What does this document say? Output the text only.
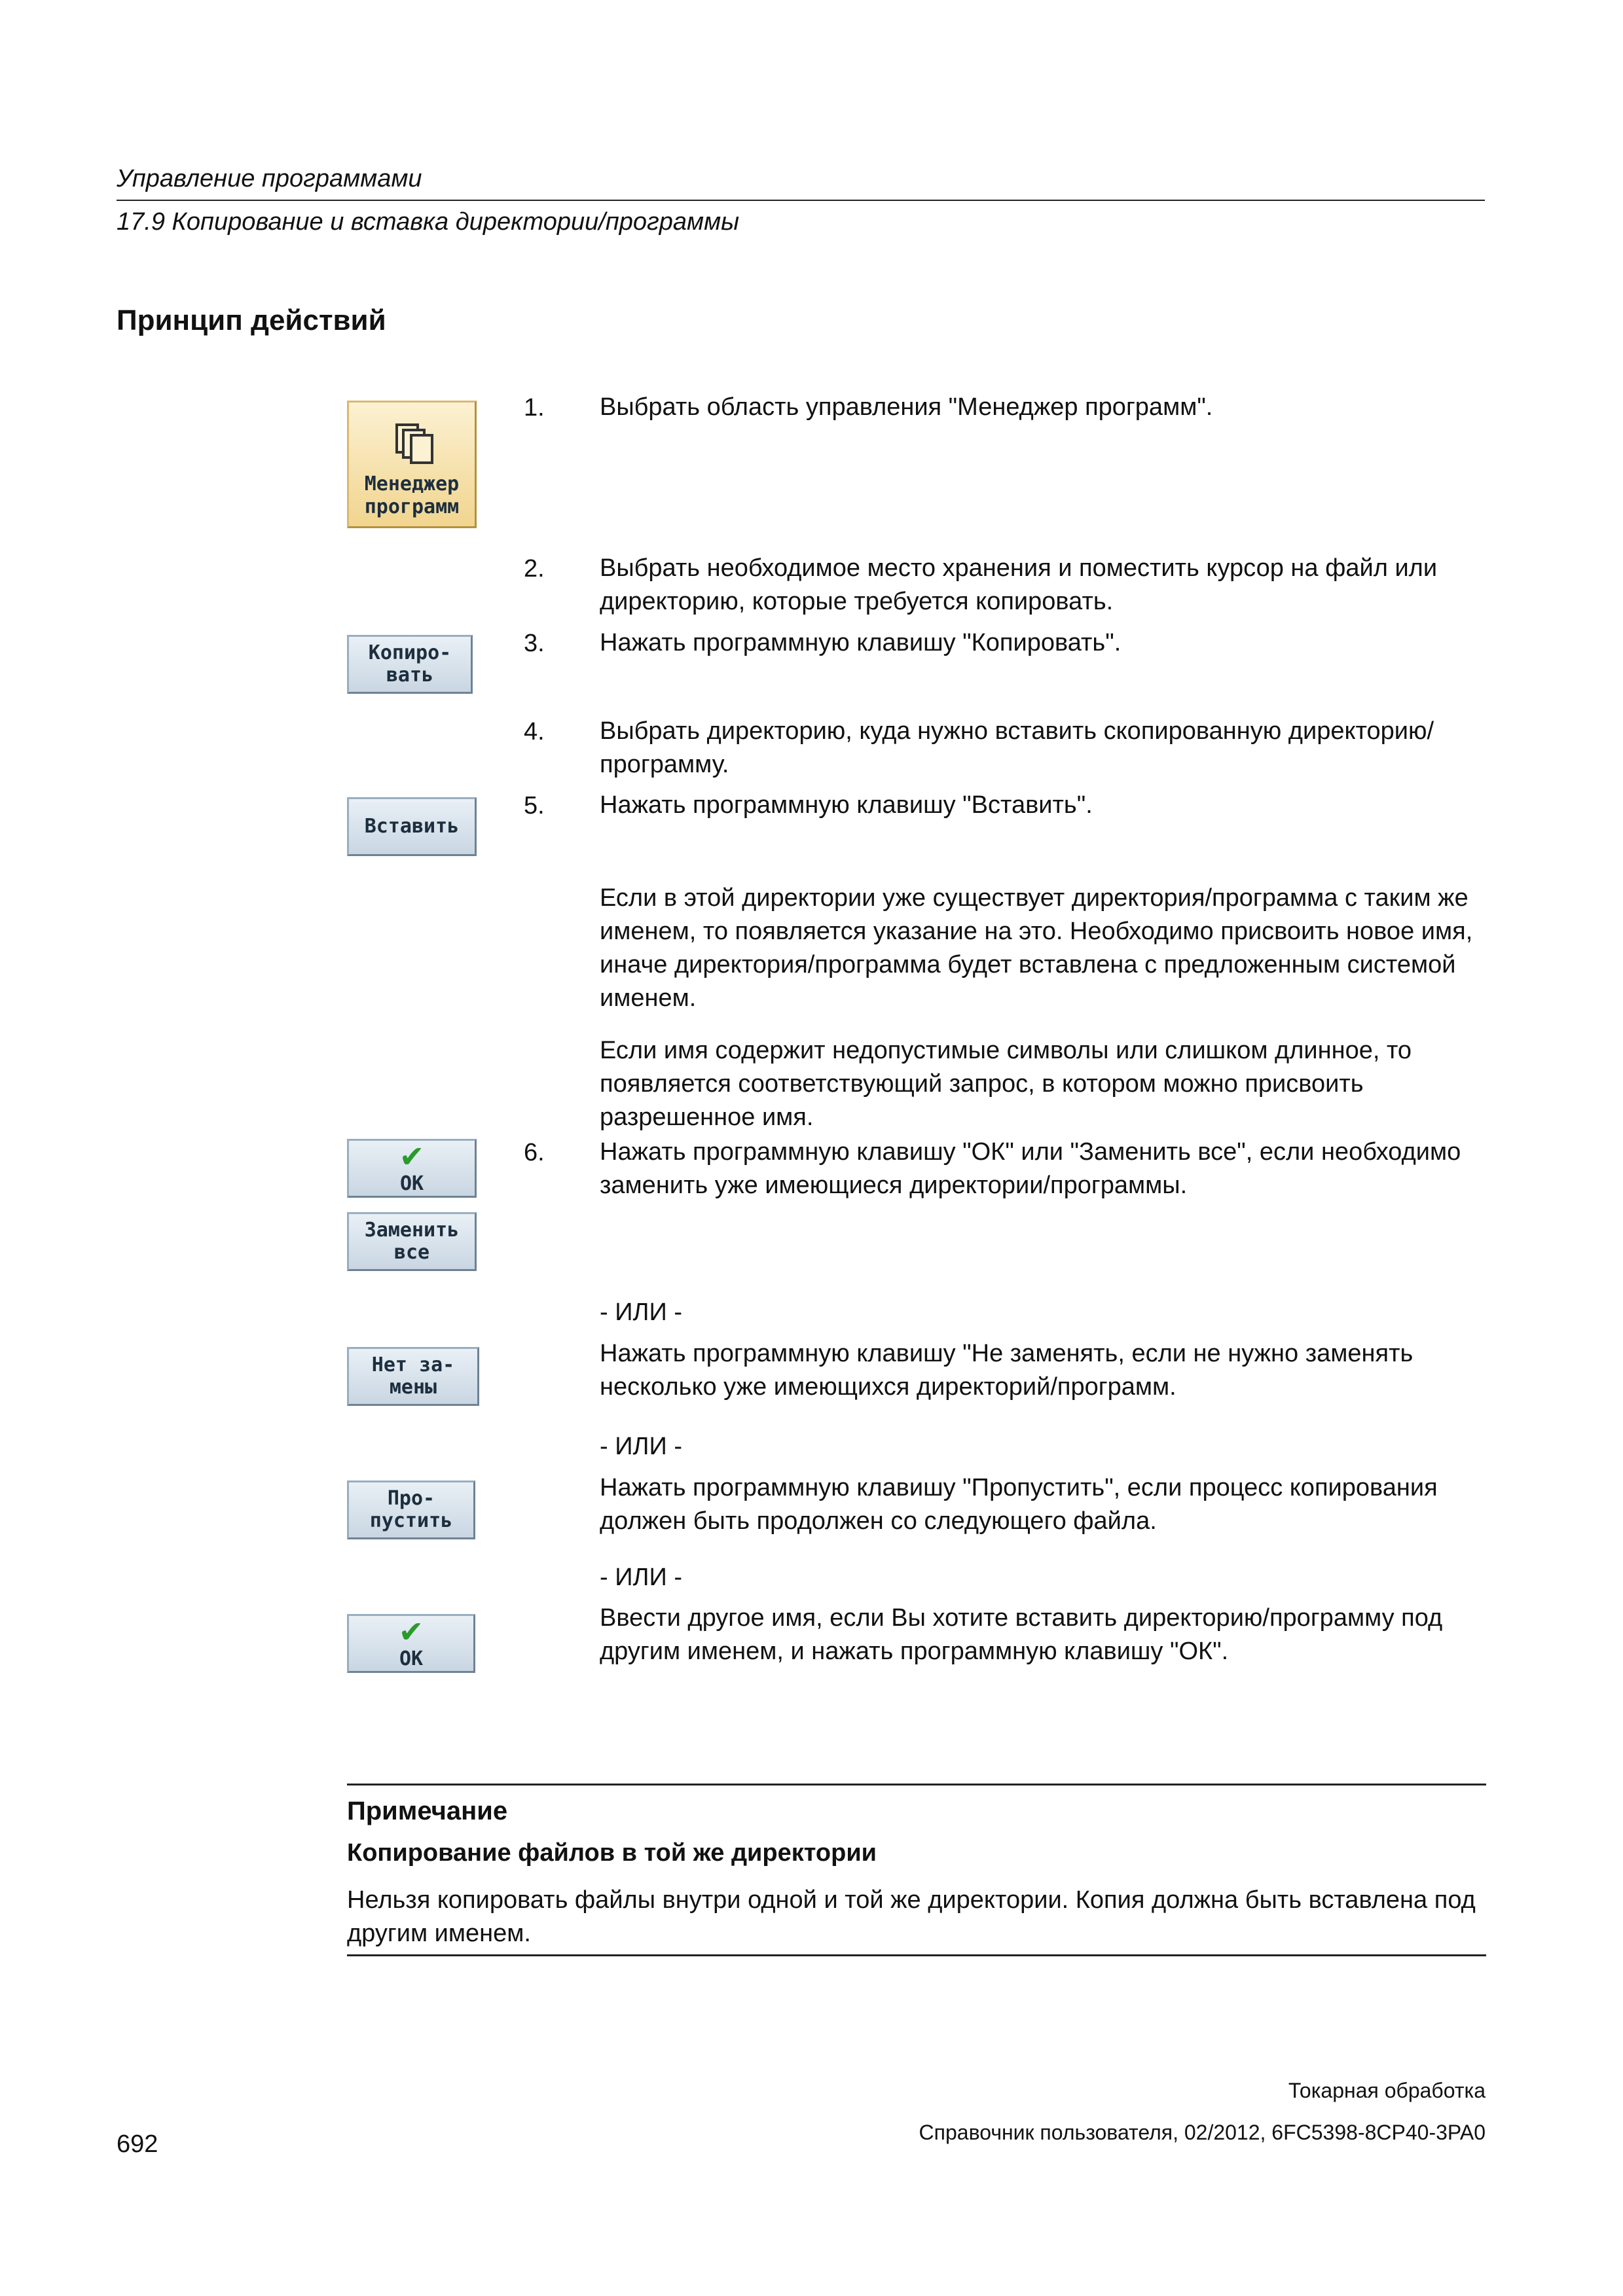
Управление программами
17.9 Копирование и вставка директории/программы
Принцип действий
Менеджер
программ
Копиро-
вать
Вставить
✔
ОК
Заменить
все
Нет за-
мены
Про-
пустить
✔
ОК
1. Выбрать область управления "Менеджер программ".
2. Выбрать необходимое место хранения и поместить курсор на файл или директорию, которые требуется копировать.
3. Нажать программную клавишу "Копировать".
4. Выбрать директорию, куда нужно вставить скопированную директорию/программу.
5. Нажать программную клавишу "Вставить".
Если в этой директории уже существует директория/программа с таким же именем, то появляется указание на это. Необходимо присвоить новое имя, иначе директория/программа будет вставлена с предложенным системой именем.
Если имя содержит недопустимые символы или слишком длинное, то появляется соответствующий запрос, в котором можно присвоить разрешенное имя.
6. Нажать программную клавишу "ОК" или "Заменить все", если необходимо заменить уже имеющиеся директории/программы.
- ИЛИ -
Нажать программную клавишу "Не заменять, если не нужно заменять несколько уже имеющихся директорий/программ.
- ИЛИ -
Нажать программную клавишу "Пропустить", если процесс копирования должен быть продолжен со следующего файла.
- ИЛИ -
Ввести другое имя, если Вы хотите вставить директорию/программу под другим именем, и нажать программную клавишу "ОК".
Примечание
Копирование файлов в той же директории
Нельзя копировать файлы внутри одной и той же директории. Копия должна быть вставлена под другим именем.
Токарная обработка
Справочник пользователя, 02/2012, 6FC5398-8CP40-3PA0
692
